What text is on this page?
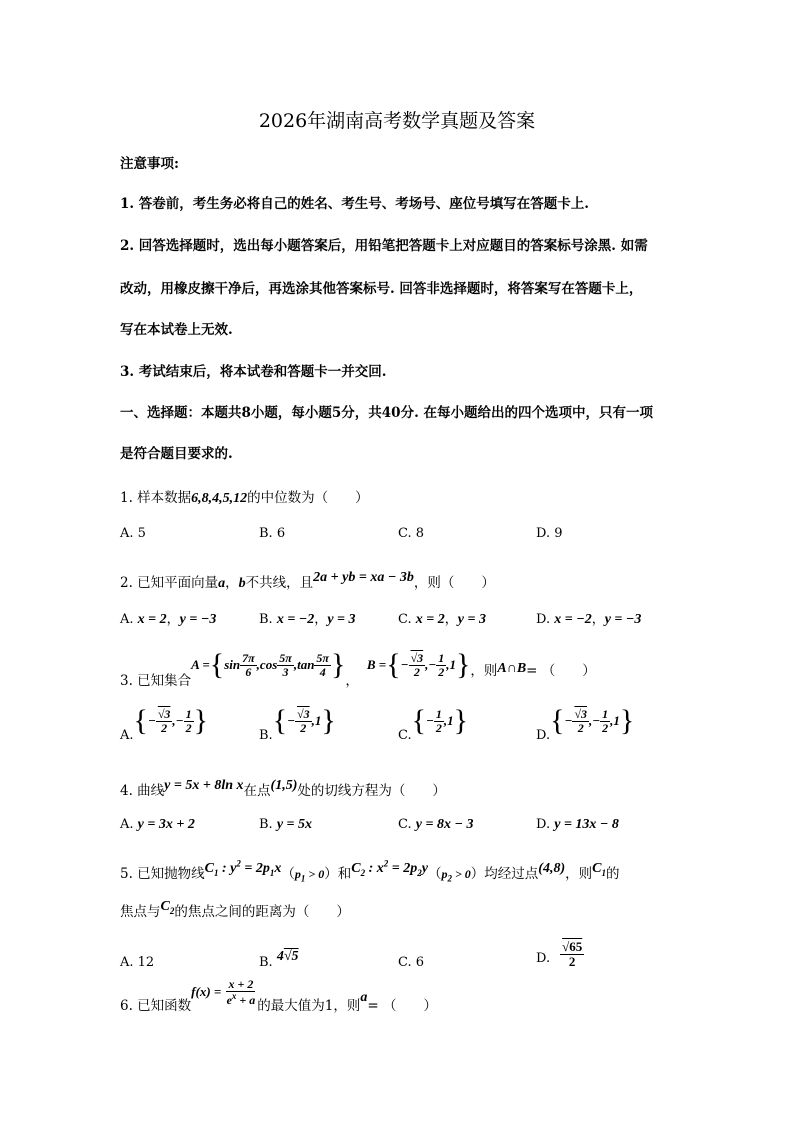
2026年湖南高考数学真题及答案
注意事项:
1. 答卷前，考生务必将自己的姓名、考生号、考场号、座位号填写在答题卡上.
2. 回答选择题时，选出每小题答案后，用铅笔把答题卡上对应题目的答案标号涂黑. 如需
改动，用橡皮擦干净后，再选涂其他答案标号. 回答非选择题时，将答案写在答题卡上，
写在本试卷上无效.
3. 考试结束后，将本试卷和答题卡一并交回.
一、选择题：本题共8小题，每小题5分，共40分. 在每小题给出的四个选项中，只有一项
是符合题目要求的.
1. 样本数据6,8,4,5,12的中位数为（　　）
A. 5	B. 6	C. 8	D. 9
2. 已知平面向量a，b不共线，且2a + yb = xa − 3b，则（　　）
A. x = 2，y = −3	B. x = −2，y = 3	C. x = 2，y = 3	D. x = −2，y = −3
3. 已知集合
A = { $\sin \frac{7\pi}{6} ,\cos \frac{5\pi}{3} ,\tan \frac{5\pi}{4}$ } ，
B = { − $\frac{√3}{2}$ ,− $\frac{1}{2} ,1$ } ，则 A∩B = （　　）
A. { − $\frac{√3}{2}$ ,− $\frac{1}{2}$ }	B. { − $\frac{√3}{2} ,1$ }	C. { − $\frac{1}{2} ,1$ }	D. { − $\frac{√3}{2}$ ,− $\frac{1}{2} ,1$ }
4. 曲线y = 5x + 8ln x在点(1,5)处的切线方程为（　　）
A. y = 3x + 2	B. y = 5x	C. y = 8x − 3	D. y = 13x − 8
5. 已知抛物线$C_1$ : $y^2 = 2p_1x(p_1 > 0)$和$C_2$ : $x^2 = 2p_2y(p_2 > 0)$均经过点(4,8)，则$C_1$的
焦点与$C_2$的焦点之间的距离为（　　）
A. 12	B. 4√5	C. 6	D. $\frac{√65}{2}$
6. 已知函数
$f(x) = \frac{x + 2}{e^x + a}$ 的最大值为1，则
a
= （　　）
